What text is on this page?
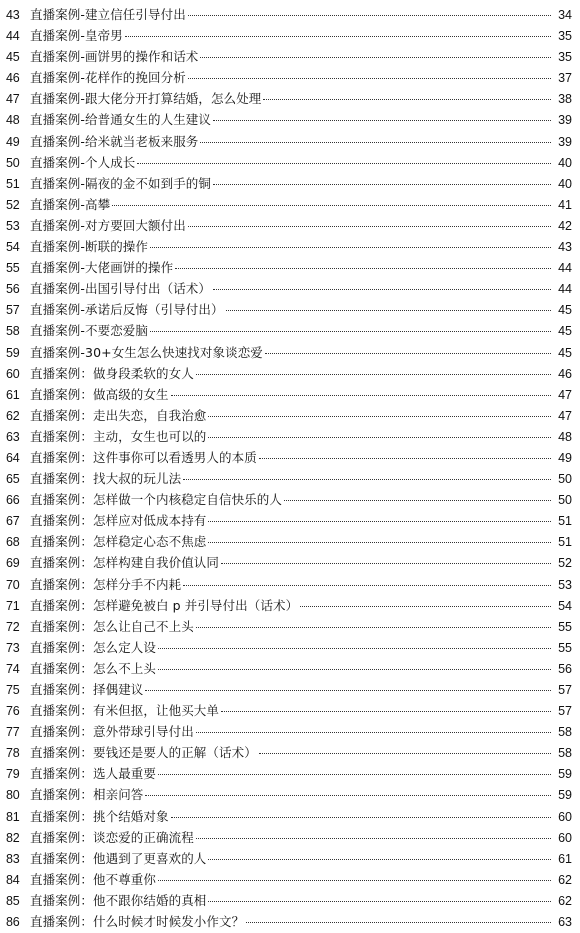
43 直播案例-建立信任引导付出	34
44 直播案例-皇帝男	35
45 直播案例-画饼男的操作和话术	35
46 直播案例-花样作的挽回分析	37
47 直播案例-跟大佬分开打算结婚，怎么处理	38
48 直播案例-给普通女生的人生建议	39
49 直播案例-给米就当老板来服务	39
50 直播案例-个人成长	40
51 直播案例-隔夜的金不如到手的铜	40
52 直播案例-高攀	41
53 直播案例-对方要回大额付出	42
54 直播案例-断联的操作	43
55 直播案例-大佬画饼的操作	44
56 直播案例-出国引导付出（话术）	44
57 直播案例-承诺后反悔（引导付出）	45
58 直播案例-不要恋爱脑	45
59 直播案例-30+女生怎么快速找对象谈恋爱	45
60 直播案例：做身段柔软的女人	46
61 直播案例：做高级的女生	47
62 直播案例：走出失恋，自我治愈	47
63 直播案例：主动，女生也可以的	48
64 直播案例：这件事你可以看透男人的本质	49
65 直播案例：找大叔的玩儿法	50
66 直播案例：怎样做一个内核稳定自信快乐的人	50
67 直播案例：怎样应对低成本持有	51
68 直播案例：怎样稳定心态不焦虑	51
69 直播案例：怎样构建自我价值认同	52
70 直播案例：怎样分手不内耗	53
71 直播案例：怎样避免被白 p 并引导付出（话术）	54
72 直播案例：怎么让自己不上头	55
73 直播案例：怎么定人设	55
74 直播案例：怎么不上头	56
75 直播案例：择偶建议	57
76 直播案例：有米但抠，让他买大单	57
77 直播案例：意外带球引导付出	58
78 直播案例：要钱还是要人的正解（话术）	58
79 直播案例：选人最重要	59
80 直播案例：相亲问答	59
81 直播案例：挑个结婚对象	60
82 直播案例：谈恋爱的正确流程	60
83 直播案例：他遇到了更喜欢的人	61
84 直播案例：他不尊重你	62
85 直播案例：他不跟你结婚的真相	62
86 直播案例：什么时候才时候发小作文？	63
